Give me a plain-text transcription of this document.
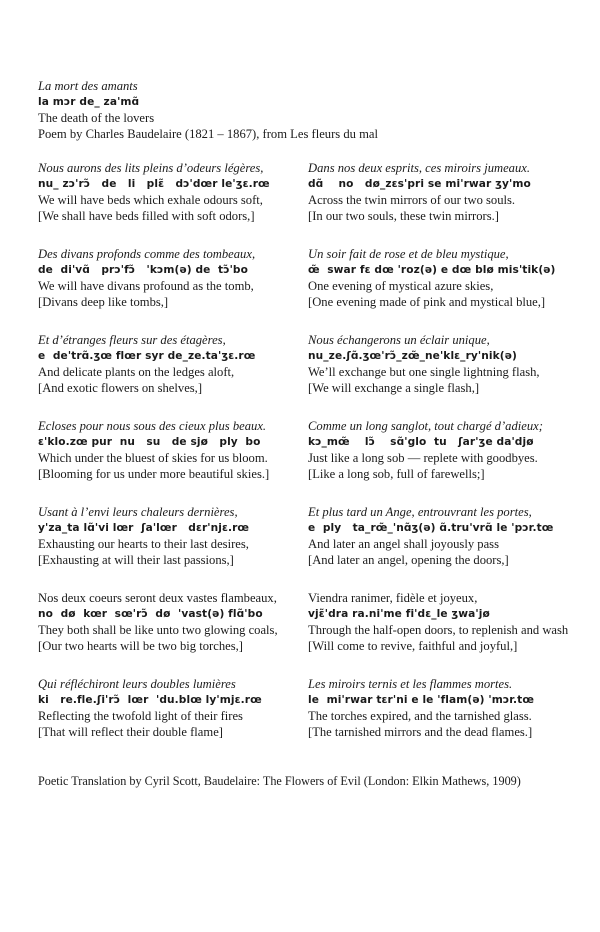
La mort des amants
la mɔr de_ za'mɑ̃
The death of the lovers
Poem by Charles Baudelaire (1821 – 1867), from Les fleurs du mal
Nous aurons des lits pleins d’odeurs légères,
nu_ zɔ'rɔ̃   de   li   plɛ̃   dɔ'dœr le'ʒɛ.rœ
We will have beds which exhale odours soft,
[We shall have beds filled with soft odors,]
Des divans profonds comme des tombeaux,
de  di'vɑ̃   prɔ'fɔ̃   'kɔm(ə) de  tɔ̃'bo
We will have divans profound as the tomb,
[Divans deep like tombs,]
Et d’étranges fleurs sur des étagères,
e  de'trɑ̃.ʒœ flœr syr de_ze.ta'ʒɛ.rœ
And delicate plants on the ledges aloft,
[And exotic flowers on shelves,]
Ecloses pour nous sous des cieux plus beaux.
ɛ'klo.zœ pur  nu   su   de sjø   ply  bo
Which under the bluest of skies for us bloom.
[Blooming for us under more beautiful skies.]
Usant à l’envi leurs chaleurs dernières,
y'za_ta lɑ̃'vi lœr  ʃa'lœr   dɛr'njɛ.rœ
Exhausting our hearts to their last desires,
[Exhausting at will their last passions,]
Nos deux coeurs seront deux vastes flambeaux,
no  dø  kœr  sœ'rɔ̃  dø  'vast(ə) flɑ̃'bo
They both shall be like unto two glowing coals,
[Our two hearts will be two big torches,]
Qui réfléchiront leurs doubles lumières
ki   re.fle.ʃi'rɔ̃  lœr  'du.blœ ly'mjɛ.rœ
Reflecting the twofold light of their fires
[That will reflect their double flame]
Dans nos deux esprits, ces miroirs jumeaux.
dɑ̃    no   dø_zɛs'pri se mi'rwar ʒy'mo
Across the twin mirrors of our two souls.
[In our two souls, these twin mirrors.]
Un soir fait de rose et de bleu mystique,
œ̃  swar fɛ dœ 'roz(ə) e dœ blø mis'tik(ə)
One evening of mystical azure skies,
[One evening made of pink and mystical blue,]
Nous échangerons un éclair unique,
nu_ze.ʃɑ̃.ʒœ'rɔ̃_zœ̃_ne'klɛ_ry'nik(ə)
We’ll exchange but one single lightning flash,
[We will exchange a single flash,]
Comme un long sanglot, tout chargé d’adieux;
kɔ_mœ̃    lɔ̃    sɑ̃'glo  tu   ʃar'ʒe da'djø
Just like a long sob — replete with goodbyes.
[Like a long sob, full of farewells;]
Et plus tard un Ange, entrouvrant les portes,
e  ply   ta_rœ̃_'nɑ̃ʒ(ə) ɑ̃.tru'vrɑ̃ le 'pɔr.tœ
And later an angel shall joyously pass
[And later an angel, opening the doors,]
Viendra ranimer, fidèle et joyeux,
vjɛ̃'dra ra.ni'me fi'dɛ_le ʒwa'jø
Through the half-open doors, to replenish and wash
[Will come to revive, faithful and joyful,]
Les miroirs ternis et les flammes mortes.
le  mi'rwar tɛr'ni e le 'flam(ə) 'mɔr.tœ
The torches expired, and the tarnished glass.
[The tarnished mirrors and the dead flames.]
Poetic Translation by Cyril Scott, Baudelaire: The Flowers of Evil (London: Elkin Mathews, 1909)
